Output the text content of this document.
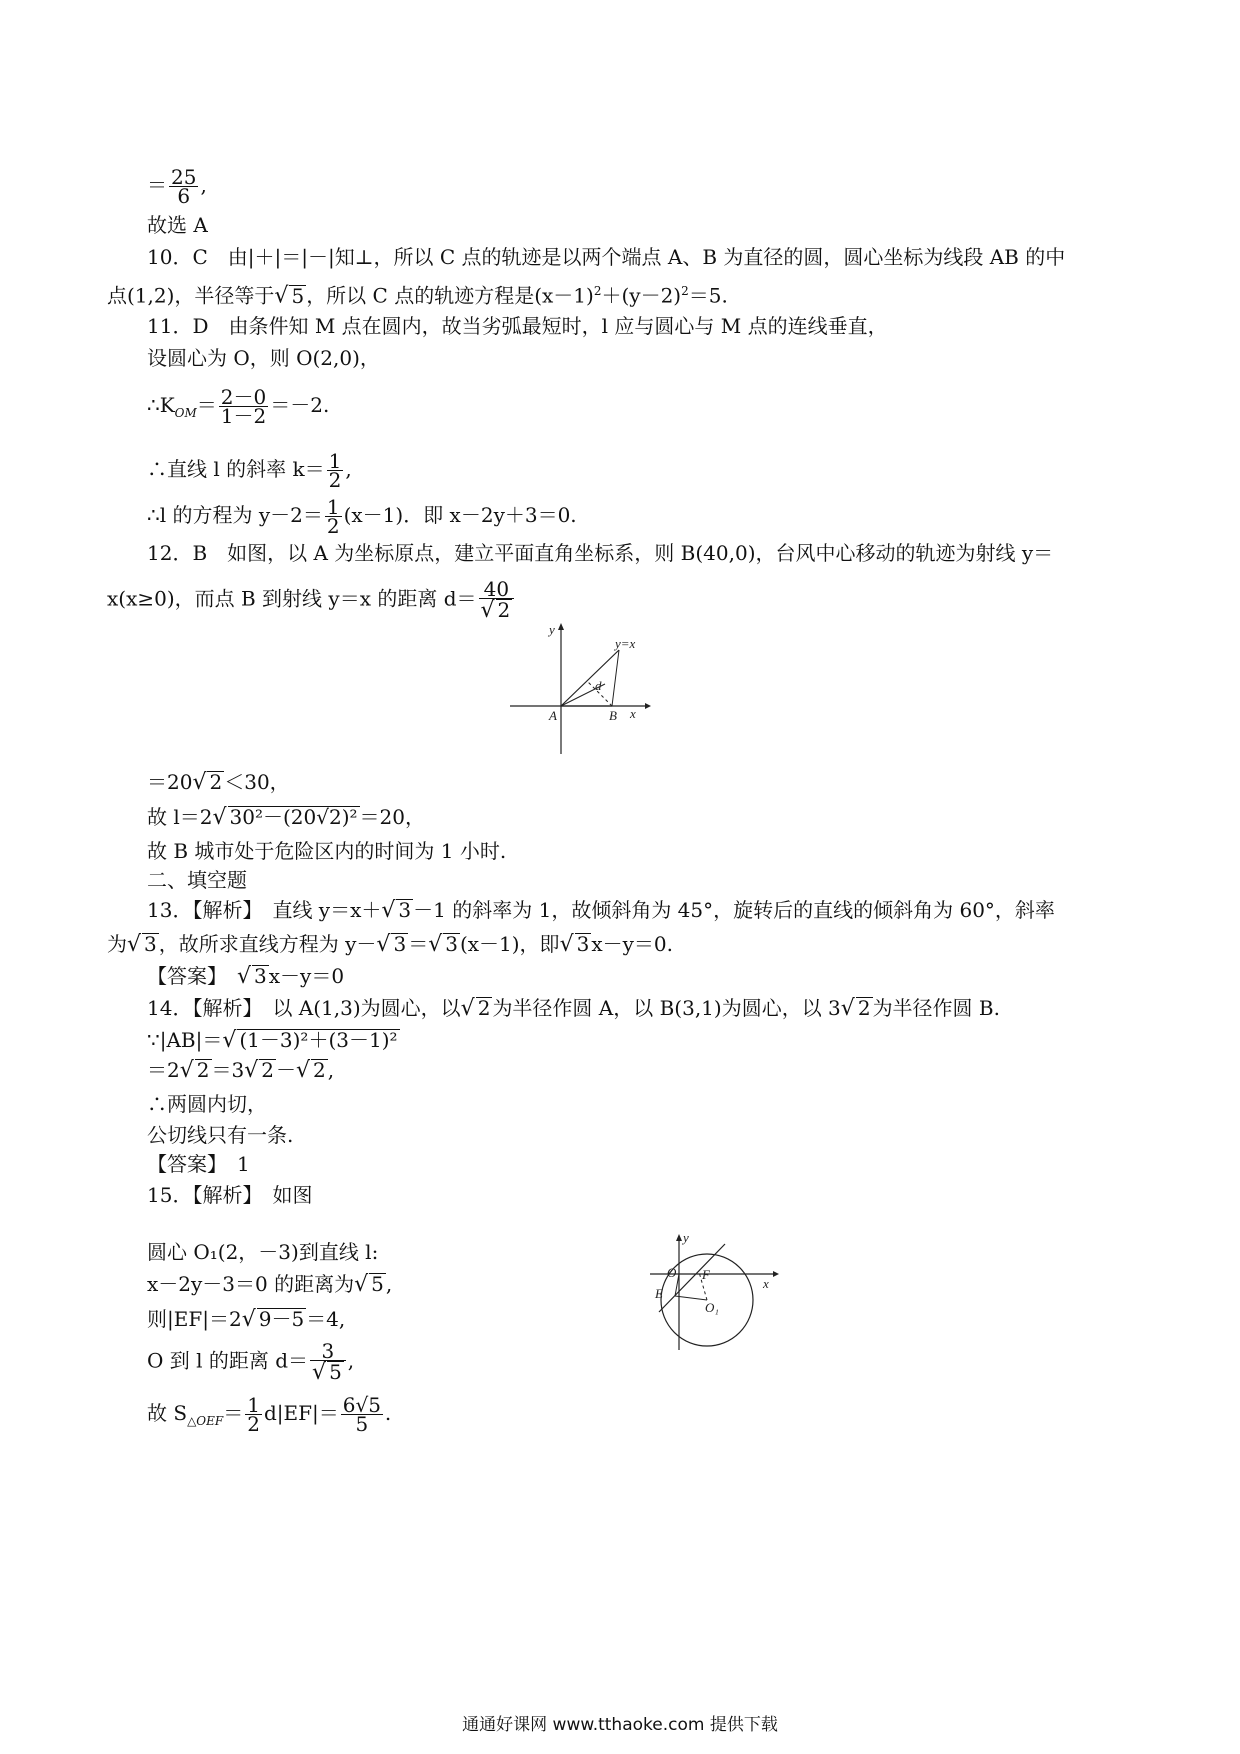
＝ $\frac{25}{6}$ ,
故选 A
10．C　由|＋|＝|－|知⊥，所以 C 点的轨迹是以两个端点 A、B 为直径的圆，圆心坐标为线段 AB 的中
点(1,2)，半径等于√ 5 ，所以 C 点的轨迹方程是$(x-1)^2+(y-2)^2=5$.
11．D　由条件知 M 点在圆内，故当劣弧最短时，l 应与圆心与 M 点的连线垂直，
设圆心为 O，则 O(2,0)，
$\therefore K_{OM}= \frac{2-0}{1-2} =-2$.
∴直线 l 的斜率 $k= \frac{1}{2}$ ,
∴l 的方程为 $y-2= \frac{1}{2} (x-1)$．即 x－2y＋3＝0.
12．B　如图，以 A 为坐标原点，建立平面直角坐标系，则 B(40,0)，台风中心移动的轨迹为射线 y＝
x(x≥0)，而点 B 到射线 y＝x 的距离 $d= \frac{40}{√ 2}$
y
y=x
d
A	B x
＝20√ 2 ＜30，
故 l＝2√ 30²－(20√2)² ＝20，
故 B 城市处于危险区内的时间为 1 小时.
二、填空题
13．【解析】　直线 y＝x＋√ 3 －1 的斜率为 1，故倾斜角为 45°，旋转后的直线的倾斜角为 60°，斜率
为√ 3 ，故所求直线方程为 y－√ 3 ＝√ 3 (x－1)，即√ 3 x－y＝0.
【答案】　√ 3 x－y＝0
14．【解析】　以 A(1,3)为圆心，以√ 2 为半径作圆 A，以 B(3,1)为圆心，以 3√ 2 为半径作圆 B.
∵|AB|＝√ (1－3)²＋(3－1)²
＝2√ 2 ＝3√ 2 －√ 2 ,
∴两圆内切，
公切线只有一条.
【答案】　1
15．【解析】　如图
圆心 O₁(2，－3)到直线 l:
x－2y－3＝0 的距离为√ 5 ,
则|EF|＝2√ 9－5 ＝4,
O 到 l 的距离 $d= \frac{3}{√ 5}$ ,
故 $S_{\triangle OEF}= \frac{1}{2} d|EF|= \frac{6√5}{5}$ .
y
x
O F
E
O₁
通通好课网 www.tthaoke.com 提供下载
